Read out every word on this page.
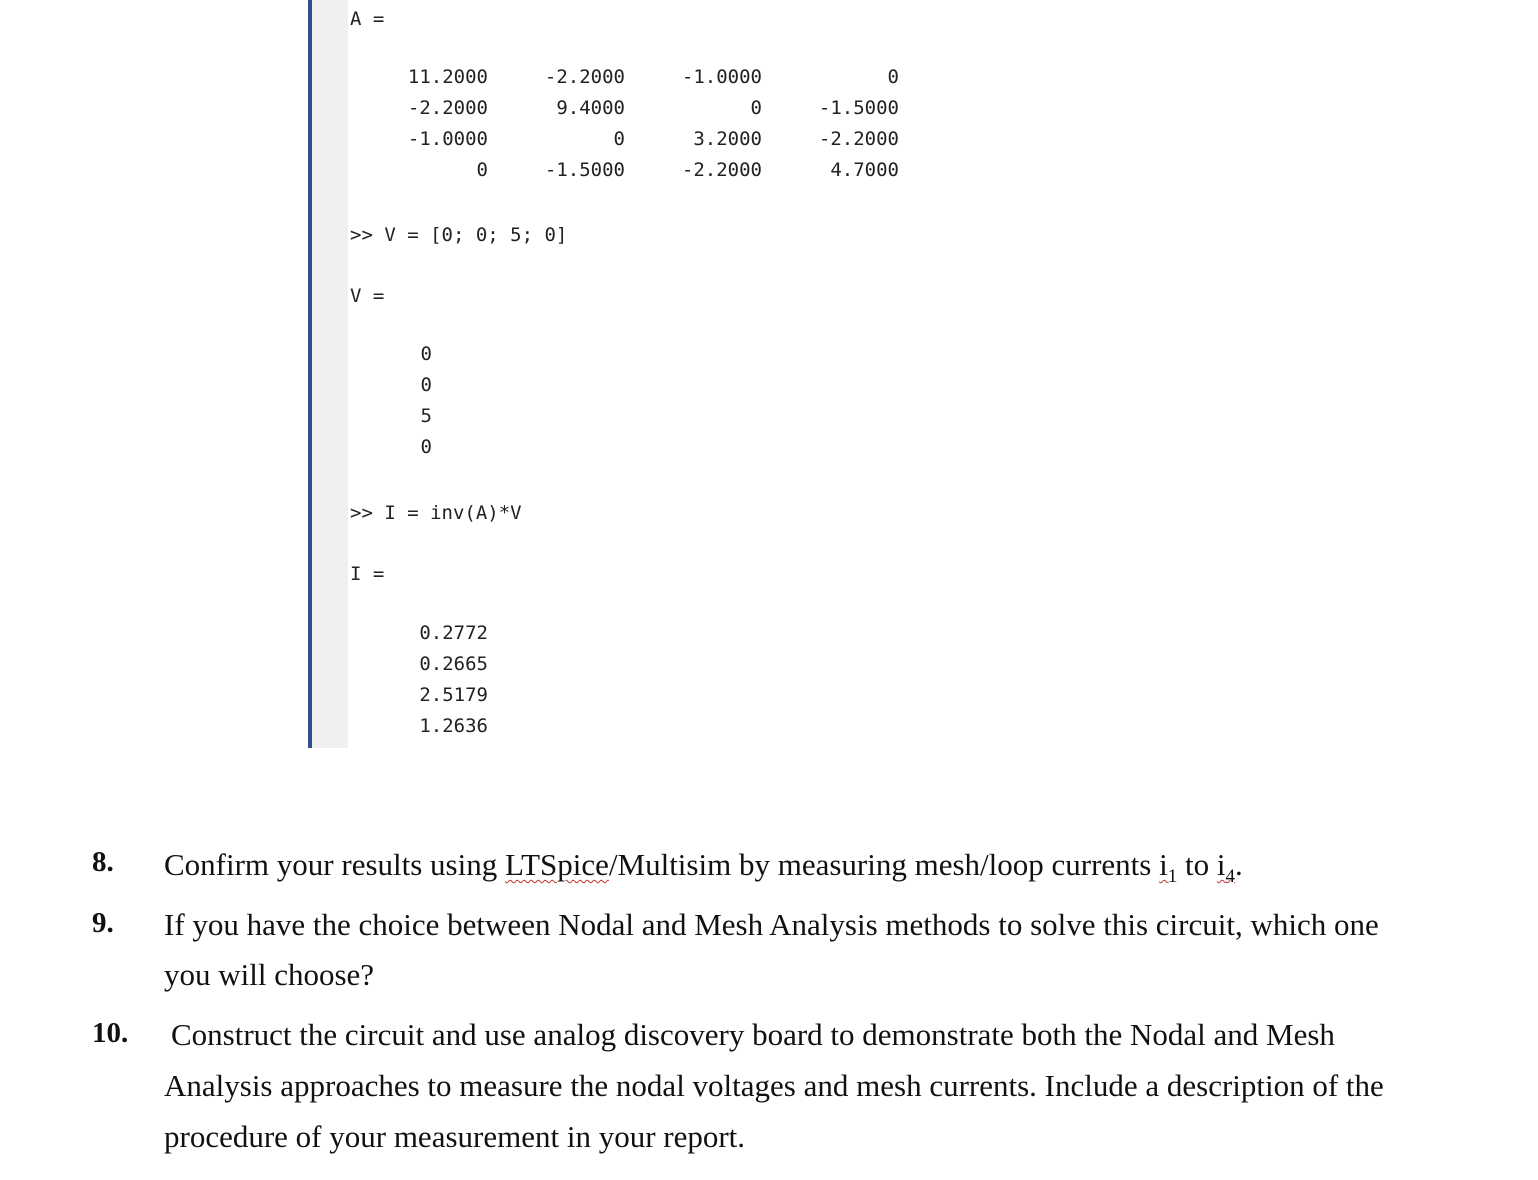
A =
11.2000	-2.2000	-1.0000	0
-2.2000	9.4000	0	-1.5000
-1.0000	0	3.2000	-2.2000
0	-1.5000	-2.2000	4.7000
>> V = [0; 0; 5; 0]
V =
0
0
5
0
>> I = inv(A)*V
I =
0.2772
0.2665
2.5179
1.2636
8. Confirm your results using LTSpice/Multisim by measuring mesh/loop currents $i_1$ to $i_4$.
9. If you have the choice between Nodal and Mesh Analysis methods to solve this circuit, which one
you will choose?
10. Construct the circuit and use analog discovery board to demonstrate both the Nodal and Mesh
Analysis approaches to measure the nodal voltages and mesh currents. Include a description of the
procedure of your measurement in your report.
